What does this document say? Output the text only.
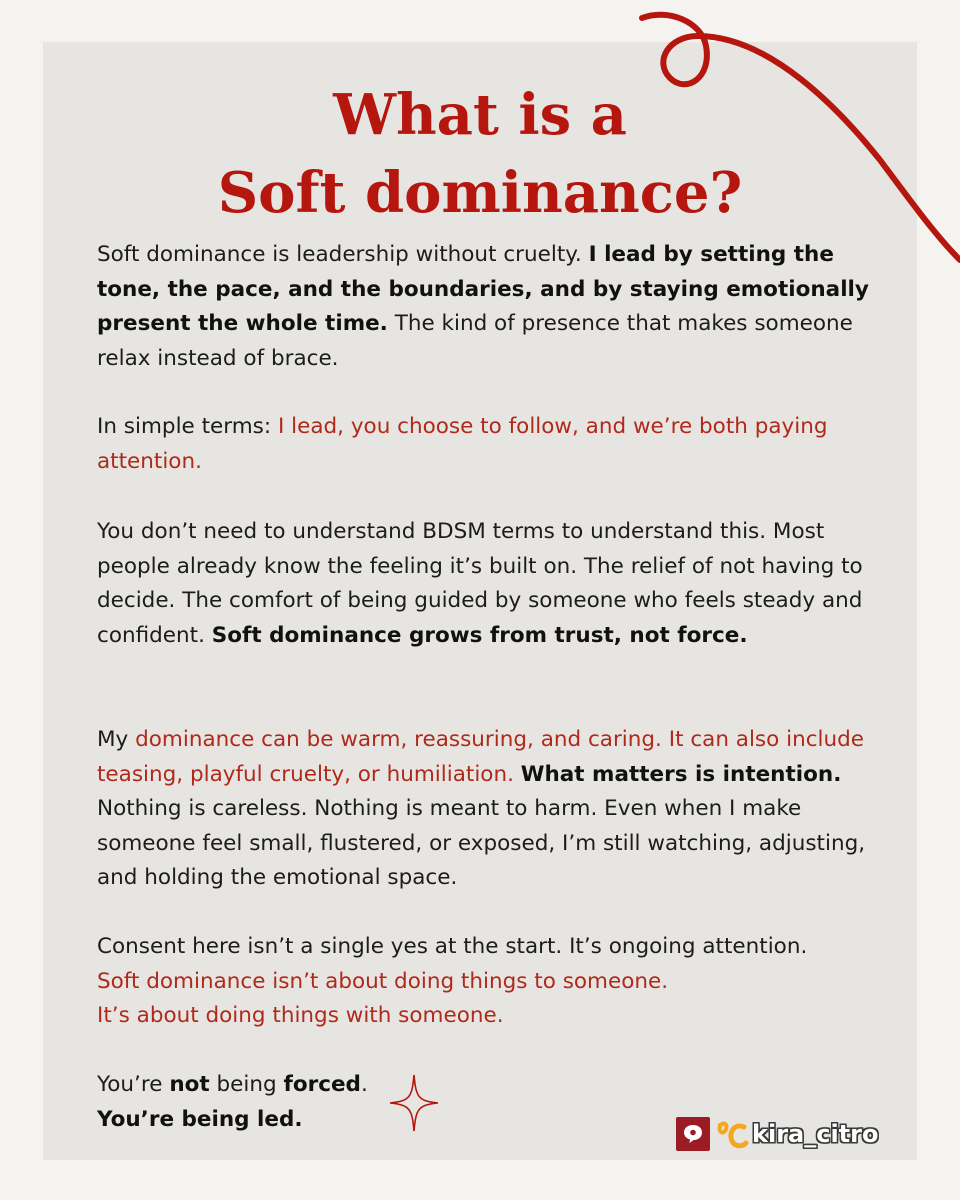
What is a
Soft dominance?

Soft dominance is leadership without cruelty. I lead by setting the tone, the pace, and the boundaries, and by staying emotionally present the whole time. The kind of presence that makes someone relax instead of brace.

In simple terms: I lead, you choose to follow, and we’re both paying attention.

You don’t need to understand BDSM terms to understand this. Most people already know the feeling it’s built on. The relief of not having to decide. The comfort of being guided by someone who feels steady and confident. Soft dominance grows from trust, not force.

My dominance can be warm, reassuring, and caring. It can also include teasing, playful cruelty, or humiliation. What matters is intention. Nothing is careless. Nothing is meant to harm. Even when I make someone feel small, flustered, or exposed, I’m still watching, adjusting, and holding the emotional space.

Consent here isn’t a single yes at the start. It’s ongoing attention.
Soft dominance isn’t about doing things to someone.
It’s about doing things with someone.

You’re not being forced.
You’re being led.

kira_citro
